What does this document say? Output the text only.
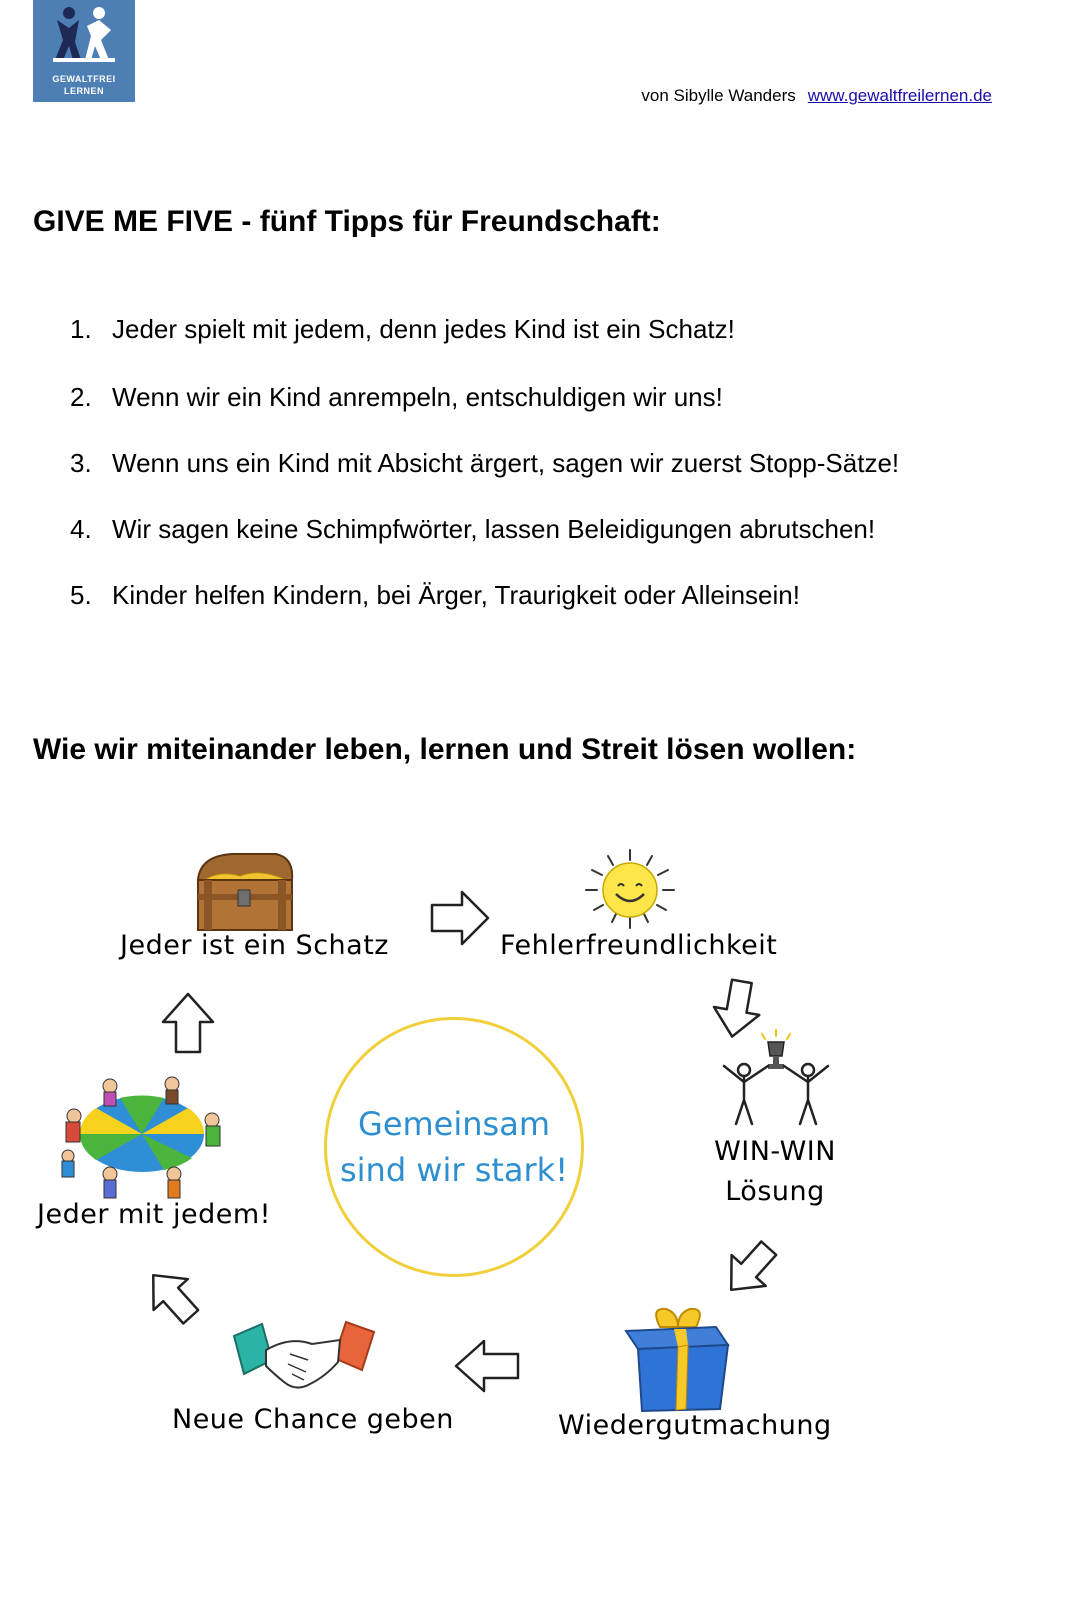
GEWALTFREI
LERNEN	von Sibylle Wanders www.gewaltfreilernen.de
GIVE ME FIVE - fünf Tipps für Freundschaft:
1. Jeder spielt mit jedem, denn jedes Kind ist ein Schatz!
2. Wenn wir ein Kind anrempeln, entschuldigen wir uns!
3. Wenn uns ein Kind mit Absicht ärgert, sagen wir zuerst Stopp-Sätze!
4. Wir sagen keine Schimpfwörter, lassen Beleidigungen abrutschen!
5. Kinder helfen Kindern, bei Ärger, Traurigkeit oder Alleinsein!
Wie wir miteinander leben, lernen und Streit lösen wollen:
Gemeinsam
sind wir stark!
Jeder ist ein Schatz	Fehlerfreundlichkeit
WIN-WIN
Lösung
Wiedergutmachung
Neue Chance geben
Jeder mit jedem!
